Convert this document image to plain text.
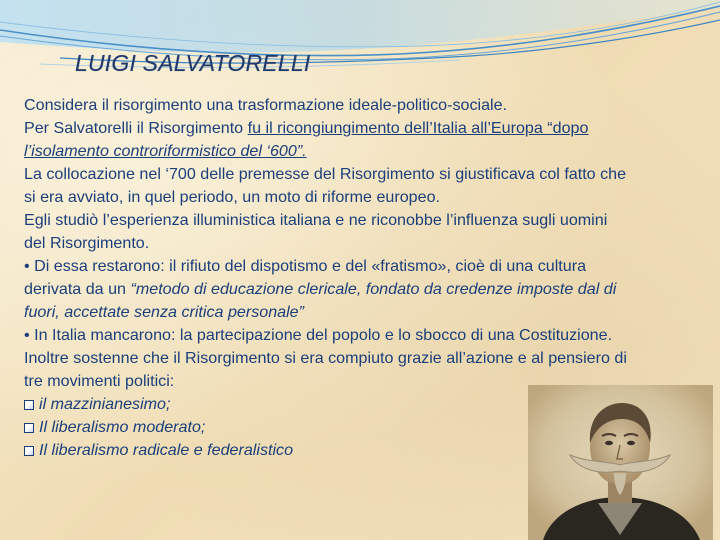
LUIGI SALVATORELLI
Considera il risorgimento una trasformazione ideale-politico-sociale.
Per Salvatorelli il Risorgimento fu il ricongiungimento dell’Italia all’Europa “dopo
l’isolamento controriformistico del ‘600”.
La collocazione nel ‘700 delle premesse del Risorgimento si giustificava col fatto che
si era avviato, in quel periodo, un moto di riforme europeo.
Egli studiò l’esperienza illuministica italiana e ne riconobbe l’influenza sugli uomini
del Risorgimento.
• Di essa restarono: il rifiuto del dispotismo e del «fratismo», cioè di una cultura
derivata da un “metodo di educazione clericale, fondato da credenze imposte dal di
fuori, accettate senza critica personale”
• In Italia mancarono: la partecipazione del popolo e lo sbocco di una Costituzione.
Inoltre sostenne che il Risorgimento si era compiuto grazie all’azione e al pensiero di
tre movimenti politici:
il mazzinianesimo;
Il liberalismo moderato;
Il liberalismo radicale e federalistico
